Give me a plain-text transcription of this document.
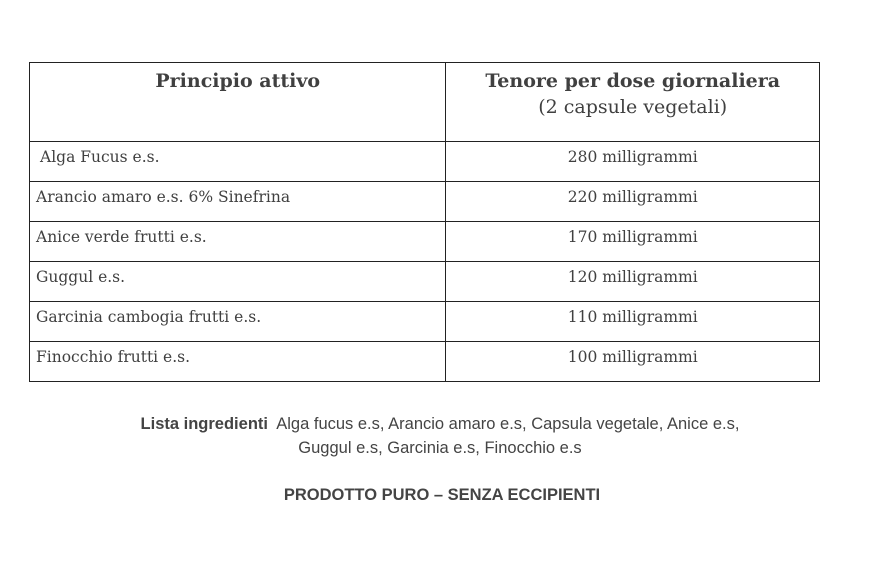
Principio attivo	Tenore per dose giornaliera
(2 capsule vegetali)

Alga Fucus e.s.	280 milligrammi
Arancio amaro e.s. 6% Sinefrina	220 milligrammi
Anice verde frutti e.s.	170 milligrammi
Guggul e.s.	120 milligrammi
Garcinia cambogia frutti e.s.	110 milligrammi
Finocchio frutti e.s.	100 milligrammi
Lista ingredienti Alga fucus e.s, Arancio amaro e.s, Capsula vegetale, Anice e.s,
Guggul e.s, Garcinia e.s, Finocchio e.s
PRODOTTO PURO – SENZA ECCIPIENTI
